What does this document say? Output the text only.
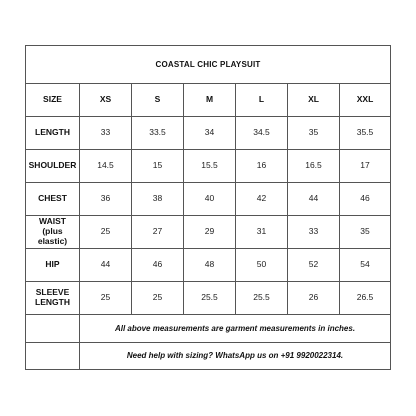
COASTAL CHIC PLAYSUIT
SIZE	XS	S	M	L	XL	XXL
LENGTH	33	33.5	34	34.5	35	35.5
SHOULDER	14.5	15	15.5	16	16.5	17
CHEST	36	38	40	42	44	46
WAIST
(plus
elastic)
25	27	29	31	33	35
HIP	44	46	48	50	52	54
SLEEVE
LENGTH	25	25	25.5	25.5	26	26.5
All above measurements are garment measurements in inches.
Need help with sizing? WhatsApp us on +91 9920022314.
